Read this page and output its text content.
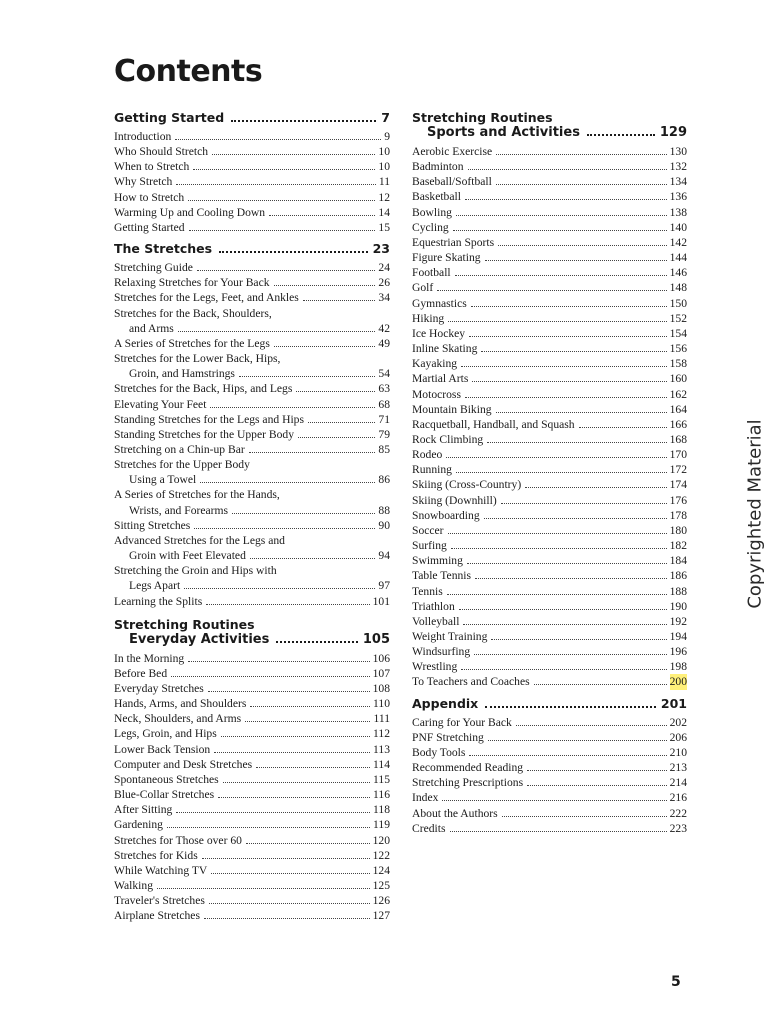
Contents
Getting Started	7
Introduction	9
Who Should Stretch	10
When to Stretch	10
Why Stretch	11
How to Stretch	12
Warming Up and Cooling Down	14
Getting Started	15
The Stretches	23
Stretching Guide	24
Relaxing Stretches for Your Back	26
Stretches for the Legs, Feet, and Ankles	34
Stretches for the Back, Shoulders,
and Arms	42
A Series of Stretches for the Legs	49
Stretches for the Lower Back, Hips,
Groin, and Hamstrings	54
Stretches for the Back, Hips, and Legs	63
Elevating Your Feet	68
Standing Stretches for the Legs and Hips	71
Standing Stretches for the Upper Body	79
Stretching on a Chin-up Bar	85
Stretches for the Upper Body
Using a Towel	86
A Series of Stretches for the Hands,
Wrists, and Forearms	88
Sitting Stretches	90
Advanced Stretches for the Legs and
Groin with Feet Elevated	94
Stretching the Groin and Hips with
Legs Apart	97
Learning the Splits	101
Stretching Routines
Everyday Activities	105
In the Morning	106
Before Bed	107
Everyday Stretches	108
Hands, Arms, and Shoulders	110
Neck, Shoulders, and Arms	111
Legs, Groin, and Hips	112
Lower Back Tension	113
Computer and Desk Stretches	114
Spontaneous Stretches	115
Blue-Collar Stretches	116
After Sitting	118
Gardening	119
Stretches for Those over 60	120
Stretches for Kids	122
While Watching TV	124
Walking	125
Traveler's Stretches	126
Airplane Stretches	127
Stretching Routines
Sports and Activities	129
Aerobic Exercise	130
Badminton	132
Baseball/Softball	134
Basketball	136
Bowling	138
Cycling	140
Equestrian Sports	142
Figure Skating	144
Football	146
Golf	148
Gymnastics	150
Hiking	152
Ice Hockey	154
Inline Skating	156
Kayaking	158
Martial Arts	160
Motocross	162
Mountain Biking	164
Racquetball, Handball, and Squash	166
Rock Climbing	168
Rodeo	170
Running	172
Skiing (Cross-Country)	174
Skiing (Downhill)	176
Snowboarding	178
Soccer	180
Surfing	182
Swimming	184
Table Tennis	186
Tennis	188
Triathlon	190
Volleyball	192
Weight Training	194
Windsurfing	196
Wrestling	198
To Teachers and Coaches	200
Appendix	201
Caring for Your Back	202
PNF Stretching	206
Body Tools	210
Recommended Reading	213
Stretching Prescriptions	214
Index	216
About the Authors	222
Credits	223
Copyrighted Material
5
